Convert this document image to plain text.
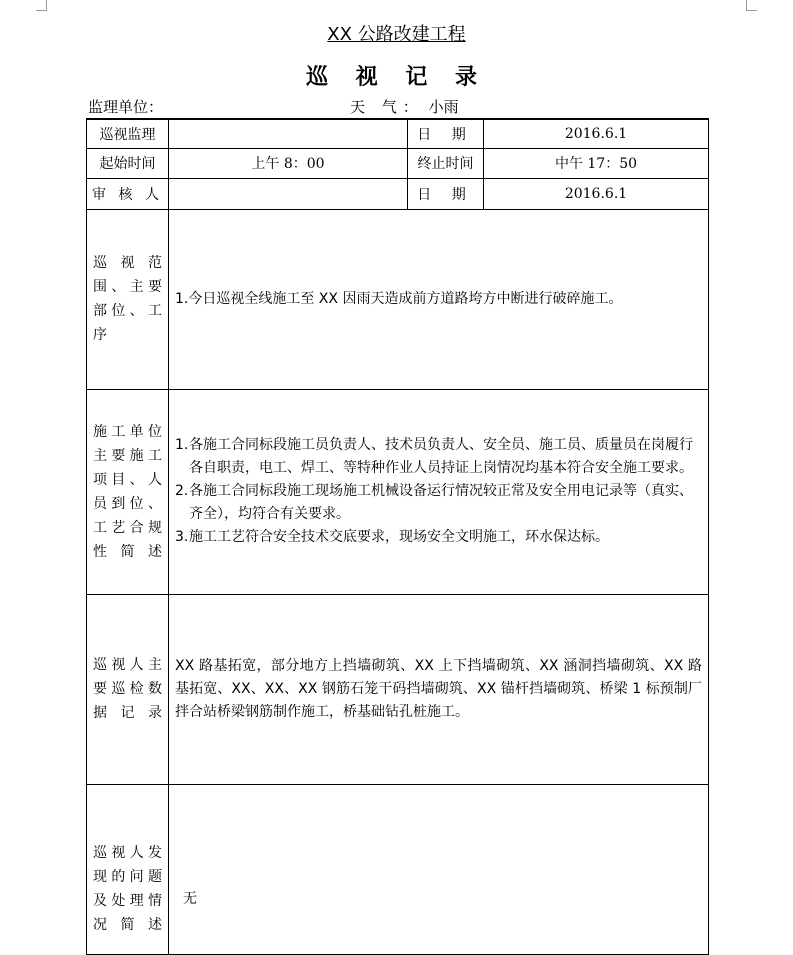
XX 公路改建工程
巡 视 记 录
监理单位：	天 气： 小雨
巡视监理		日 期	2016.6.1
起始时间	上午 8：00	终止时间	中午 17：50
审 核 人		日 期	2016.6.1
巡视范围、主要部位、工序	1.今日巡视全线施工至 XX 因雨天造成前方道路垮方中断进行破碎施工。		

施工单位主要施工项目、人员到位、工艺合规性简述	1.各施工合同标段施工员负责人、技术员负责人、安全员、施工员、质量员在岗履行各自职责，电工、焊工、等特种作业人员持证上岗情况均基本符合安全施工要求。
2.各施工合同标段施工现场施工机械设备运行情况较正常及安全用电记录等（真实、齐全），均符合有关要求。
3.施工工艺符合安全技术交底要求，现场安全文明施工，环水保达标。		

巡视人主要巡检数据记录	XX 路基拓宽，部分地方上挡墙砌筑、XX 上下挡墙砌筑、XX 涵洞挡墙砌筑、XX 路基拓宽、XX、XX、XX 钢筋石笼干码挡墙砌筑、XX 锚杆挡墙砌筑、桥梁 1 标预制厂拌合站桥梁钢筋制作施工，桥基础钻孔桩施工。		

巡视人发现的问题及处理情况简述	无		
